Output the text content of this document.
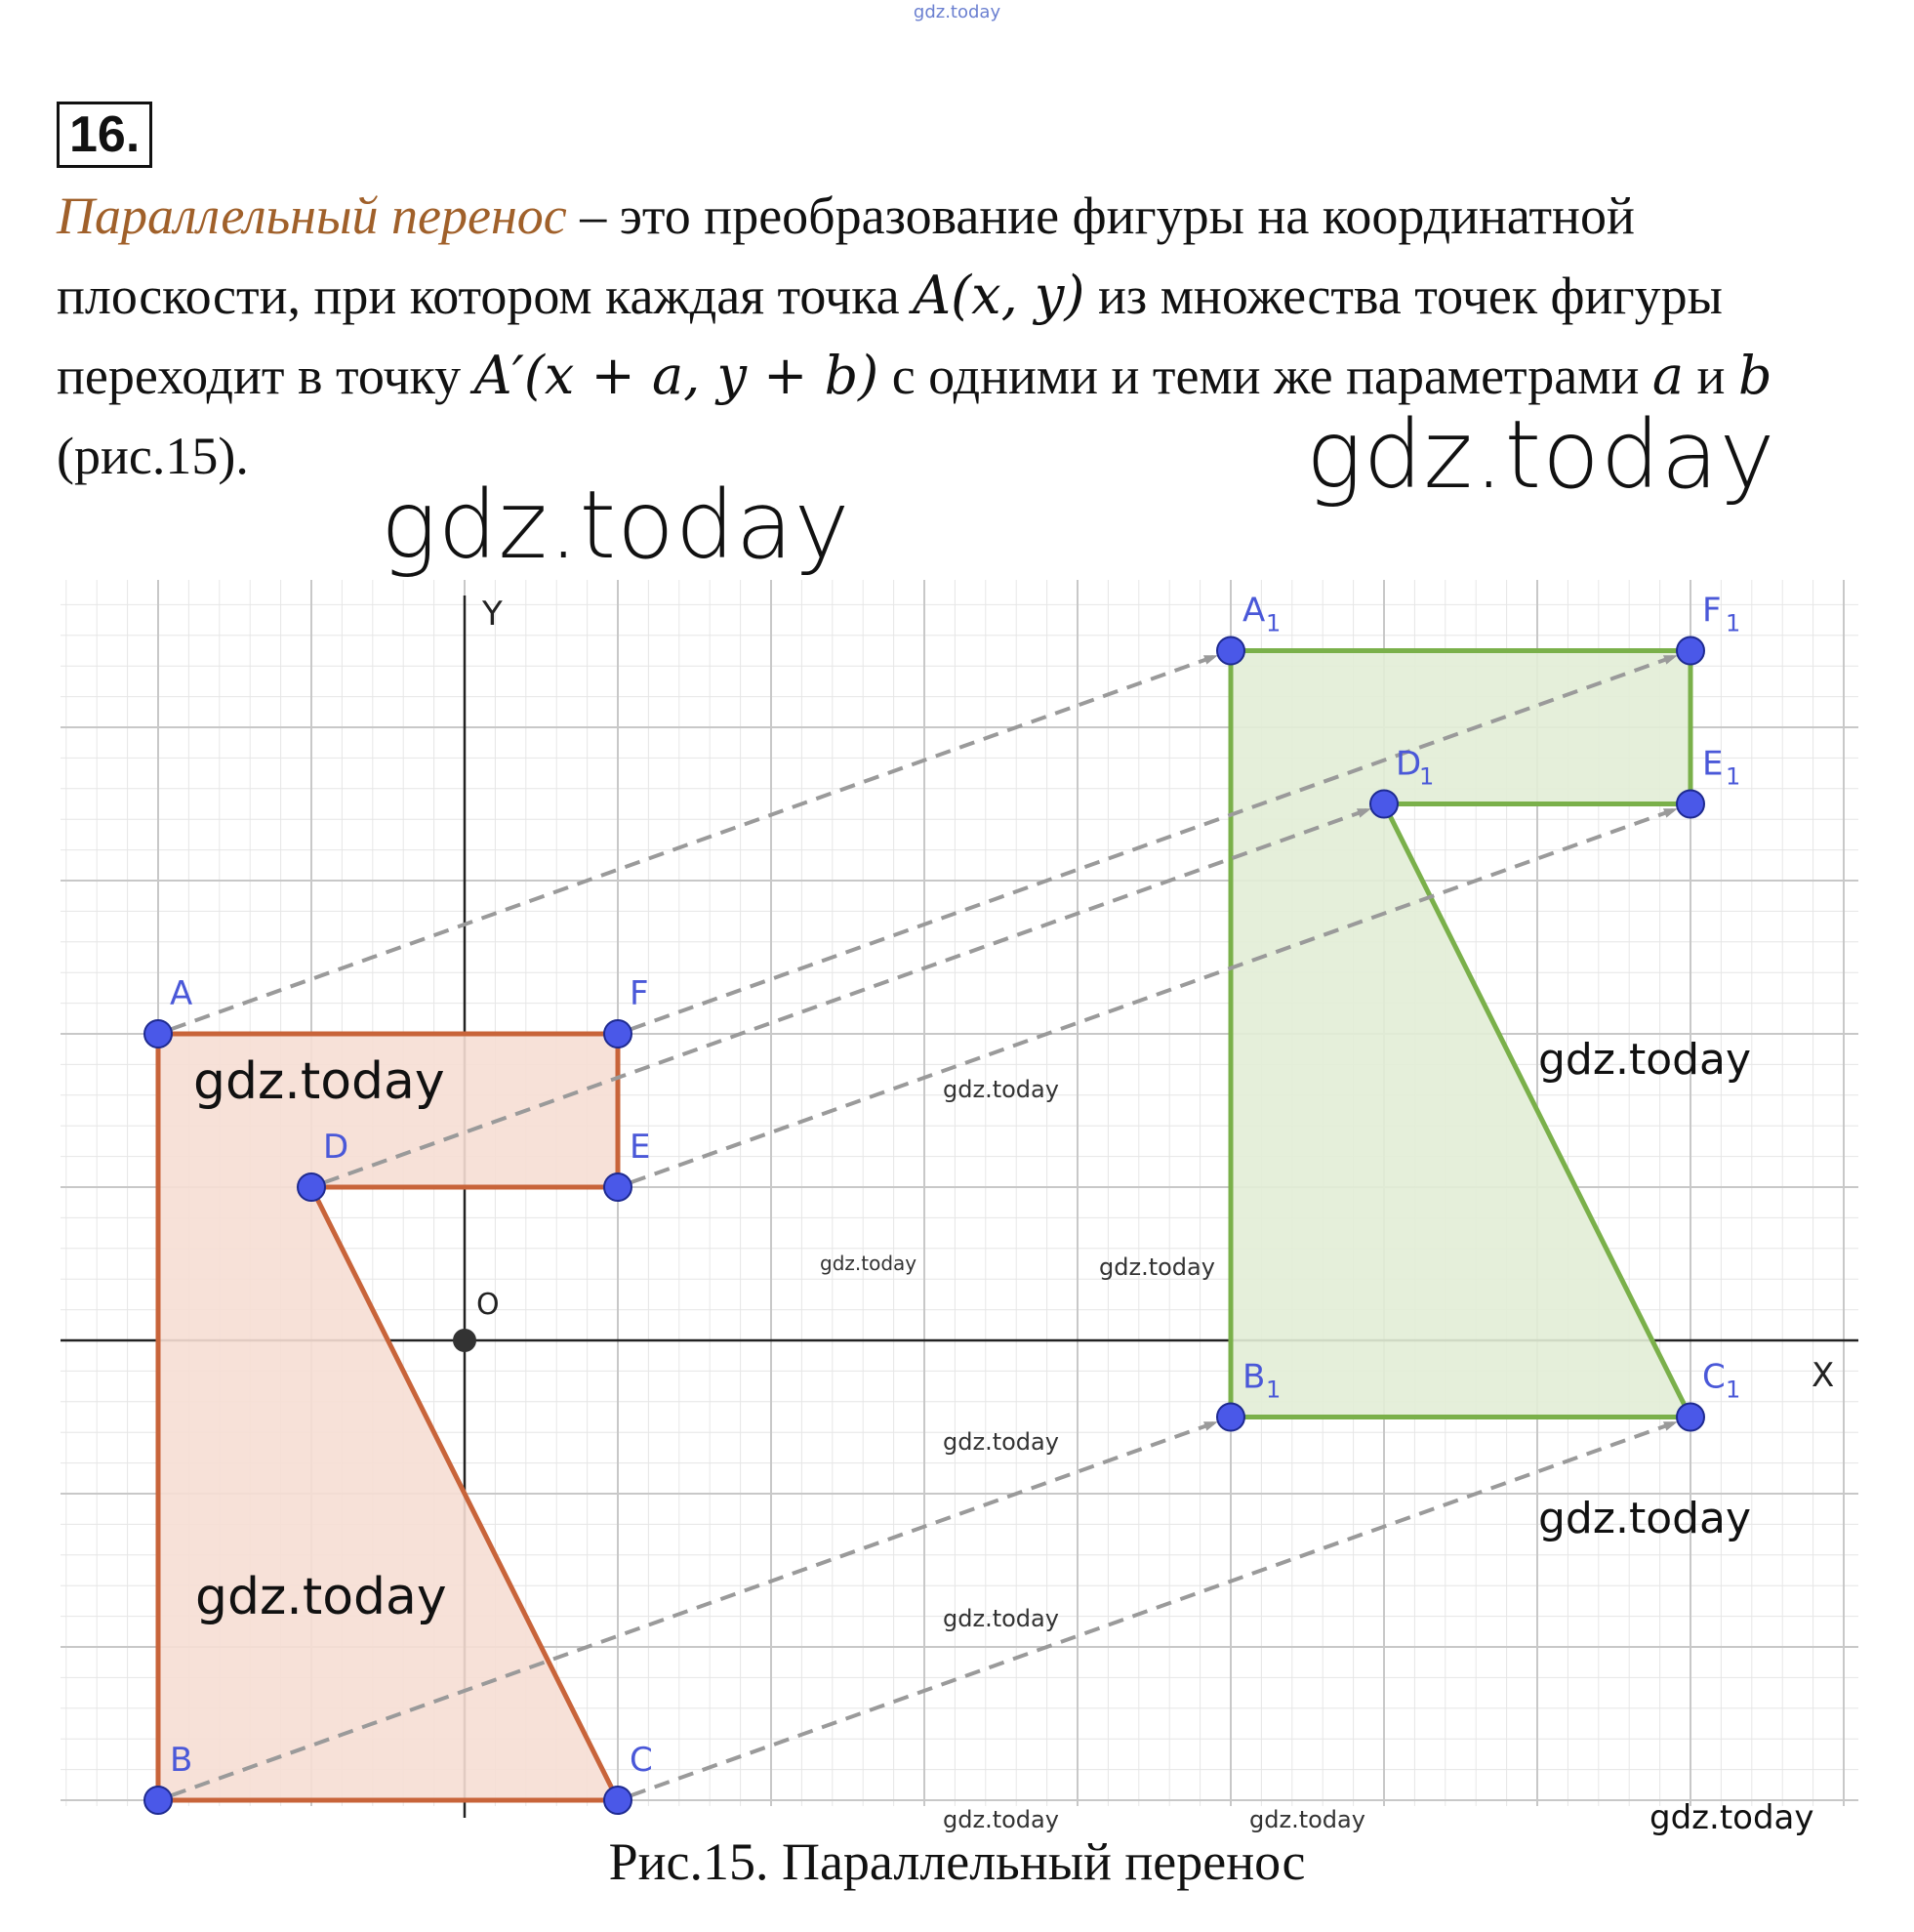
gdz.today
16.
Параллельный перенос – это преобразование фигуры на координатной плоскости, при котором каждая точка A(x, y) из множества точек фигуры переходит в точку A′(x + a, y + b) с одними и теми же параметрами a и b (рис.15).
X
Y
O
A	F
E
D
C
B
A 1	F 1
E 1
D
1
C 1
B 1
gdz.today
gdz.today
gdz.today
gdz.today
gdz.today
gdz.today
gdz.today
gdz.today
gdz.today	gdz.today
gdz.today
gdz.today
gdz.today	gdz.today
Рис.15. Параллельный перенос
